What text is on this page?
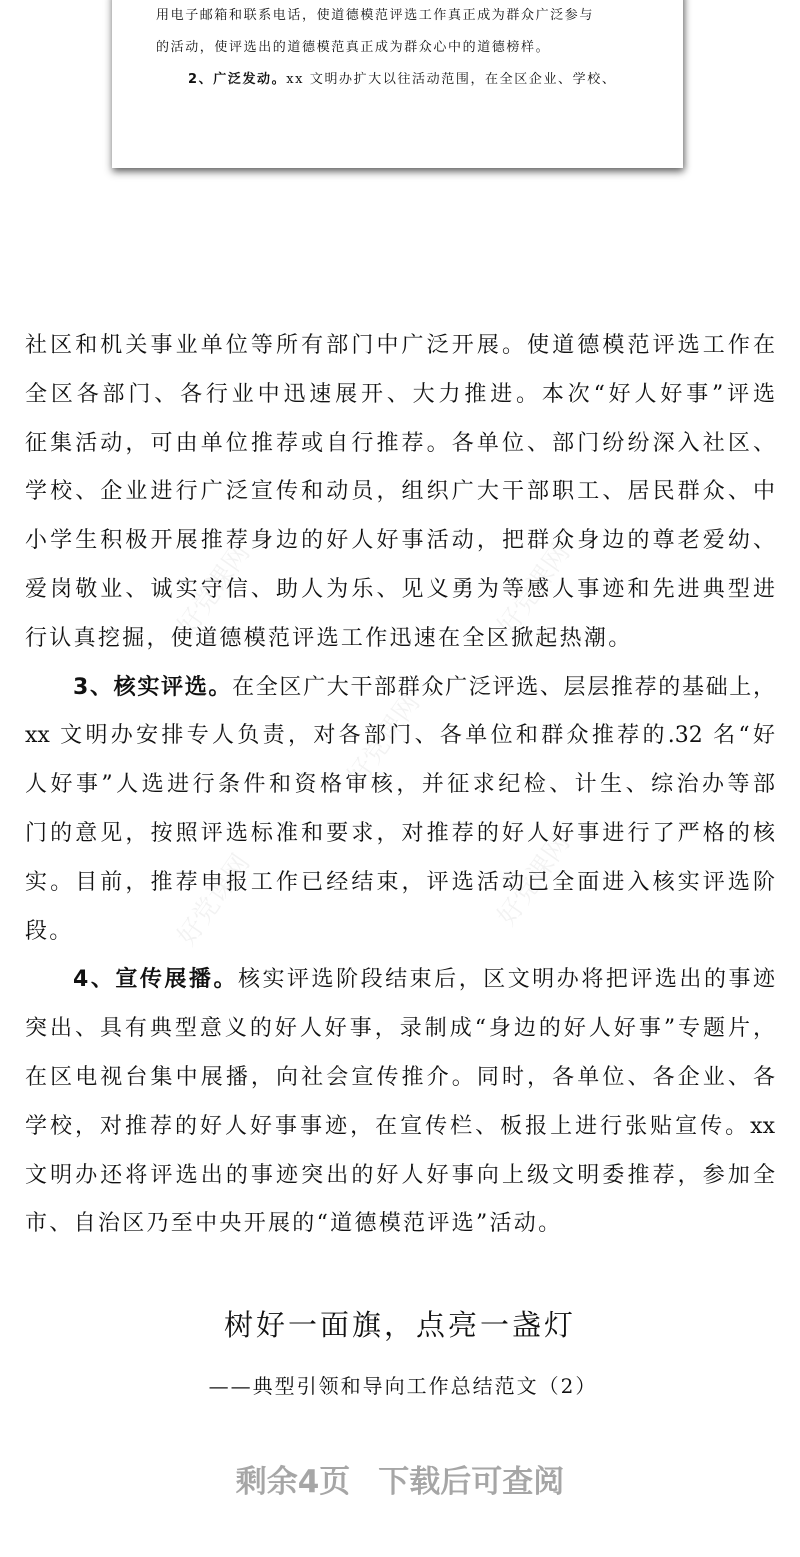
用电子邮箱和联系电话，使道德模范评选工作真正成为群众广泛参与
的活动，使评选出的道德模范真正成为群众心中的道德榜样。
2、广泛发动。xx 文明办扩大以往活动范围，在全区企业、学校、
好党课网	好党课网
好党课网
好党课网	好党课网
社区和机关事业单位等所有部门中广泛开展。使道德模范评选工作在
全区各部门、各行业中迅速展开、大力推进。本次“好人好事”评选
征集活动，可由单位推荐或自行推荐。各单位、部门纷纷深入社区、
学校、企业进行广泛宣传和动员，组织广大干部职工、居民群众、中
小学生积极开展推荐身边的好人好事活动，把群众身边的尊老爱幼、
爱岗敬业、诚实守信、助人为乐、见义勇为等感人事迹和先进典型进
行认真挖掘，使道德模范评选工作迅速在全区掀起热潮。
3、核实评选。在全区广大干部群众广泛评选、层层推荐的基础上，
xx 文明办安排专人负责，对各部门、各单位和群众推荐的.32 名“好
人好事”人选进行条件和资格审核，并征求纪检、计生、综治办等部
门的意见，按照评选标准和要求，对推荐的好人好事进行了严格的核
实。目前，推荐申报工作已经结束，评选活动已全面进入核实评选阶
段。
4、宣传展播。核实评选阶段结束后，区文明办将把评选出的事迹
突出、具有典型意义的好人好事，录制成“身边的好人好事”专题片，
在区电视台集中展播，向社会宣传推介。同时，各单位、各企业、各
学校，对推荐的好人好事事迹，在宣传栏、板报上进行张贴宣传。xx
文明办还将评选出的事迹突出的好人好事向上级文明委推荐，参加全
市、自治区乃至中央开展的“道德模范评选”活动。
树好一面旗，点亮一盏灯
——典型引领和导向工作总结范文（2）
剩余4页 下载后可查阅
